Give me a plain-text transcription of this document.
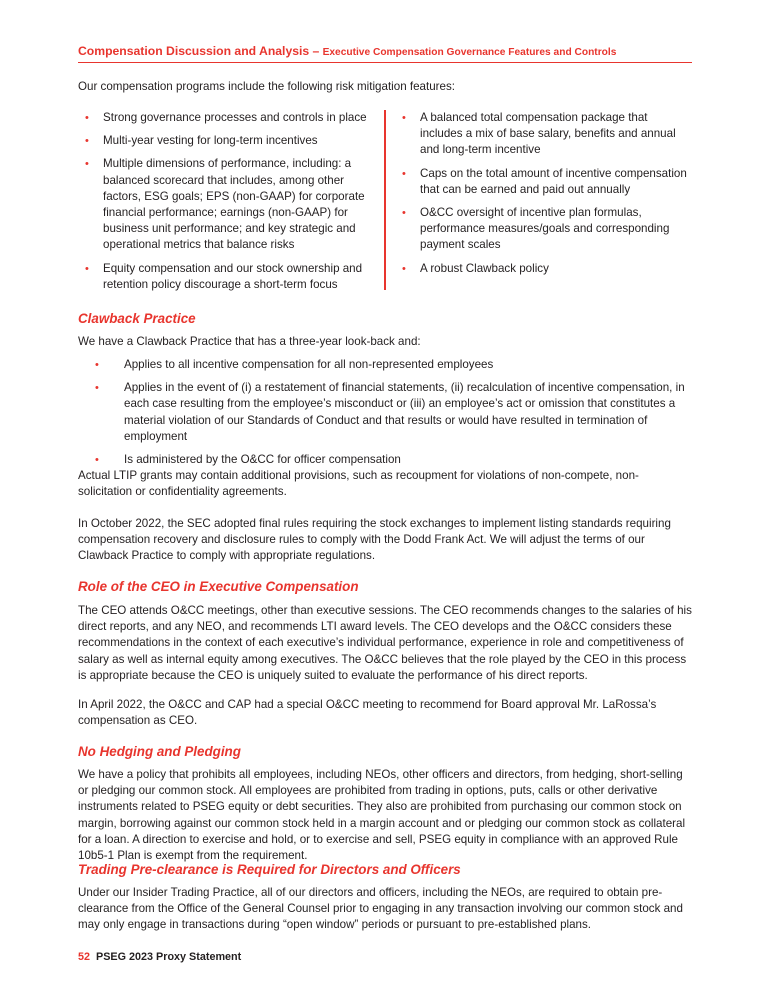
Compensation Discussion and Analysis – Executive Compensation Governance Features and Controls

Our compensation programs include the following risk mitigation features:

• Strong governance processes and controls in place
• Multi-year vesting for long-term incentives
• Multiple dimensions of performance, including: a balanced scorecard that includes, among other factors, ESG goals; EPS (non-GAAP) for corporate financial performance; earnings (non-GAAP) for business unit performance; and key strategic and operational metrics that balance risks
• Equity compensation and our stock ownership and retention policy discourage a short-term focus
• A balanced total compensation package that includes a mix of base salary, benefits and annual and long-term incentive
• Caps on the total amount of incentive compensation that can be earned and paid out annually
• O&CC oversight of incentive plan formulas, performance measures/goals and corresponding payment scales
• A robust Clawback policy
Clawback Practice

We have a Clawback Practice that has a three-year look-back and:

• Applies to all incentive compensation for all non-represented employees
• Applies in the event of (i) a restatement of financial statements, (ii) recalculation of incentive compensation, in each case resulting from the employee’s misconduct or (iii) an employee’s act or omission that constitutes a material violation of our Standards of Conduct and that results or would have resulted in termination of employment
• Is administered by the O&CC for officer compensation

Actual LTIP grants may contain additional provisions, such as recoupment for violations of non-compete, non-solicitation or confidentiality agreements.

In October 2022, the SEC adopted final rules requiring the stock exchanges to implement listing standards requiring compensation recovery and disclosure rules to comply with the Dodd Frank Act. We will adjust the terms of our Clawback Practice to comply with appropriate regulations.

Role of the CEO in Executive Compensation

The CEO attends O&CC meetings, other than executive sessions. The CEO recommends changes to the salaries of his direct reports, and any NEO, and recommends LTI award levels. The CEO develops and the O&CC considers these recommendations in the context of each executive’s individual performance, experience in role and competitiveness of salary as well as internal equity among executives. The O&CC believes that the role played by the CEO in this process is appropriate because the CEO is uniquely suited to evaluate the performance of his direct reports.

In April 2022, the O&CC and CAP had a special O&CC meeting to recommend for Board approval Mr. LaRossa’s compensation as CEO.

No Hedging and Pledging

We have a policy that prohibits all employees, including NEOs, other officers and directors, from hedging, short-selling or pledging our common stock. All employees are prohibited from trading in options, puts, calls or other derivative instruments related to PSEG equity or debt securities. They also are prohibited from purchasing our common stock on margin, borrowing against our common stock held in a margin account and or pledging our common stock as collateral for a loan. A direction to exercise and hold, or to exercise and sell, PSEG equity in compliance with an approved Rule 10b5-1 Plan is exempt from the requirement.

Trading Pre-clearance is Required for Directors and Officers

Under our Insider Trading Practice, all of our directors and officers, including the NEOs, are required to obtain pre-clearance from the Office of the General Counsel prior to engaging in any transaction involving our common stock and may only engage in transactions during “open window” periods or pursuant to pre-established plans.

52 PSEG 2023 Proxy Statement
